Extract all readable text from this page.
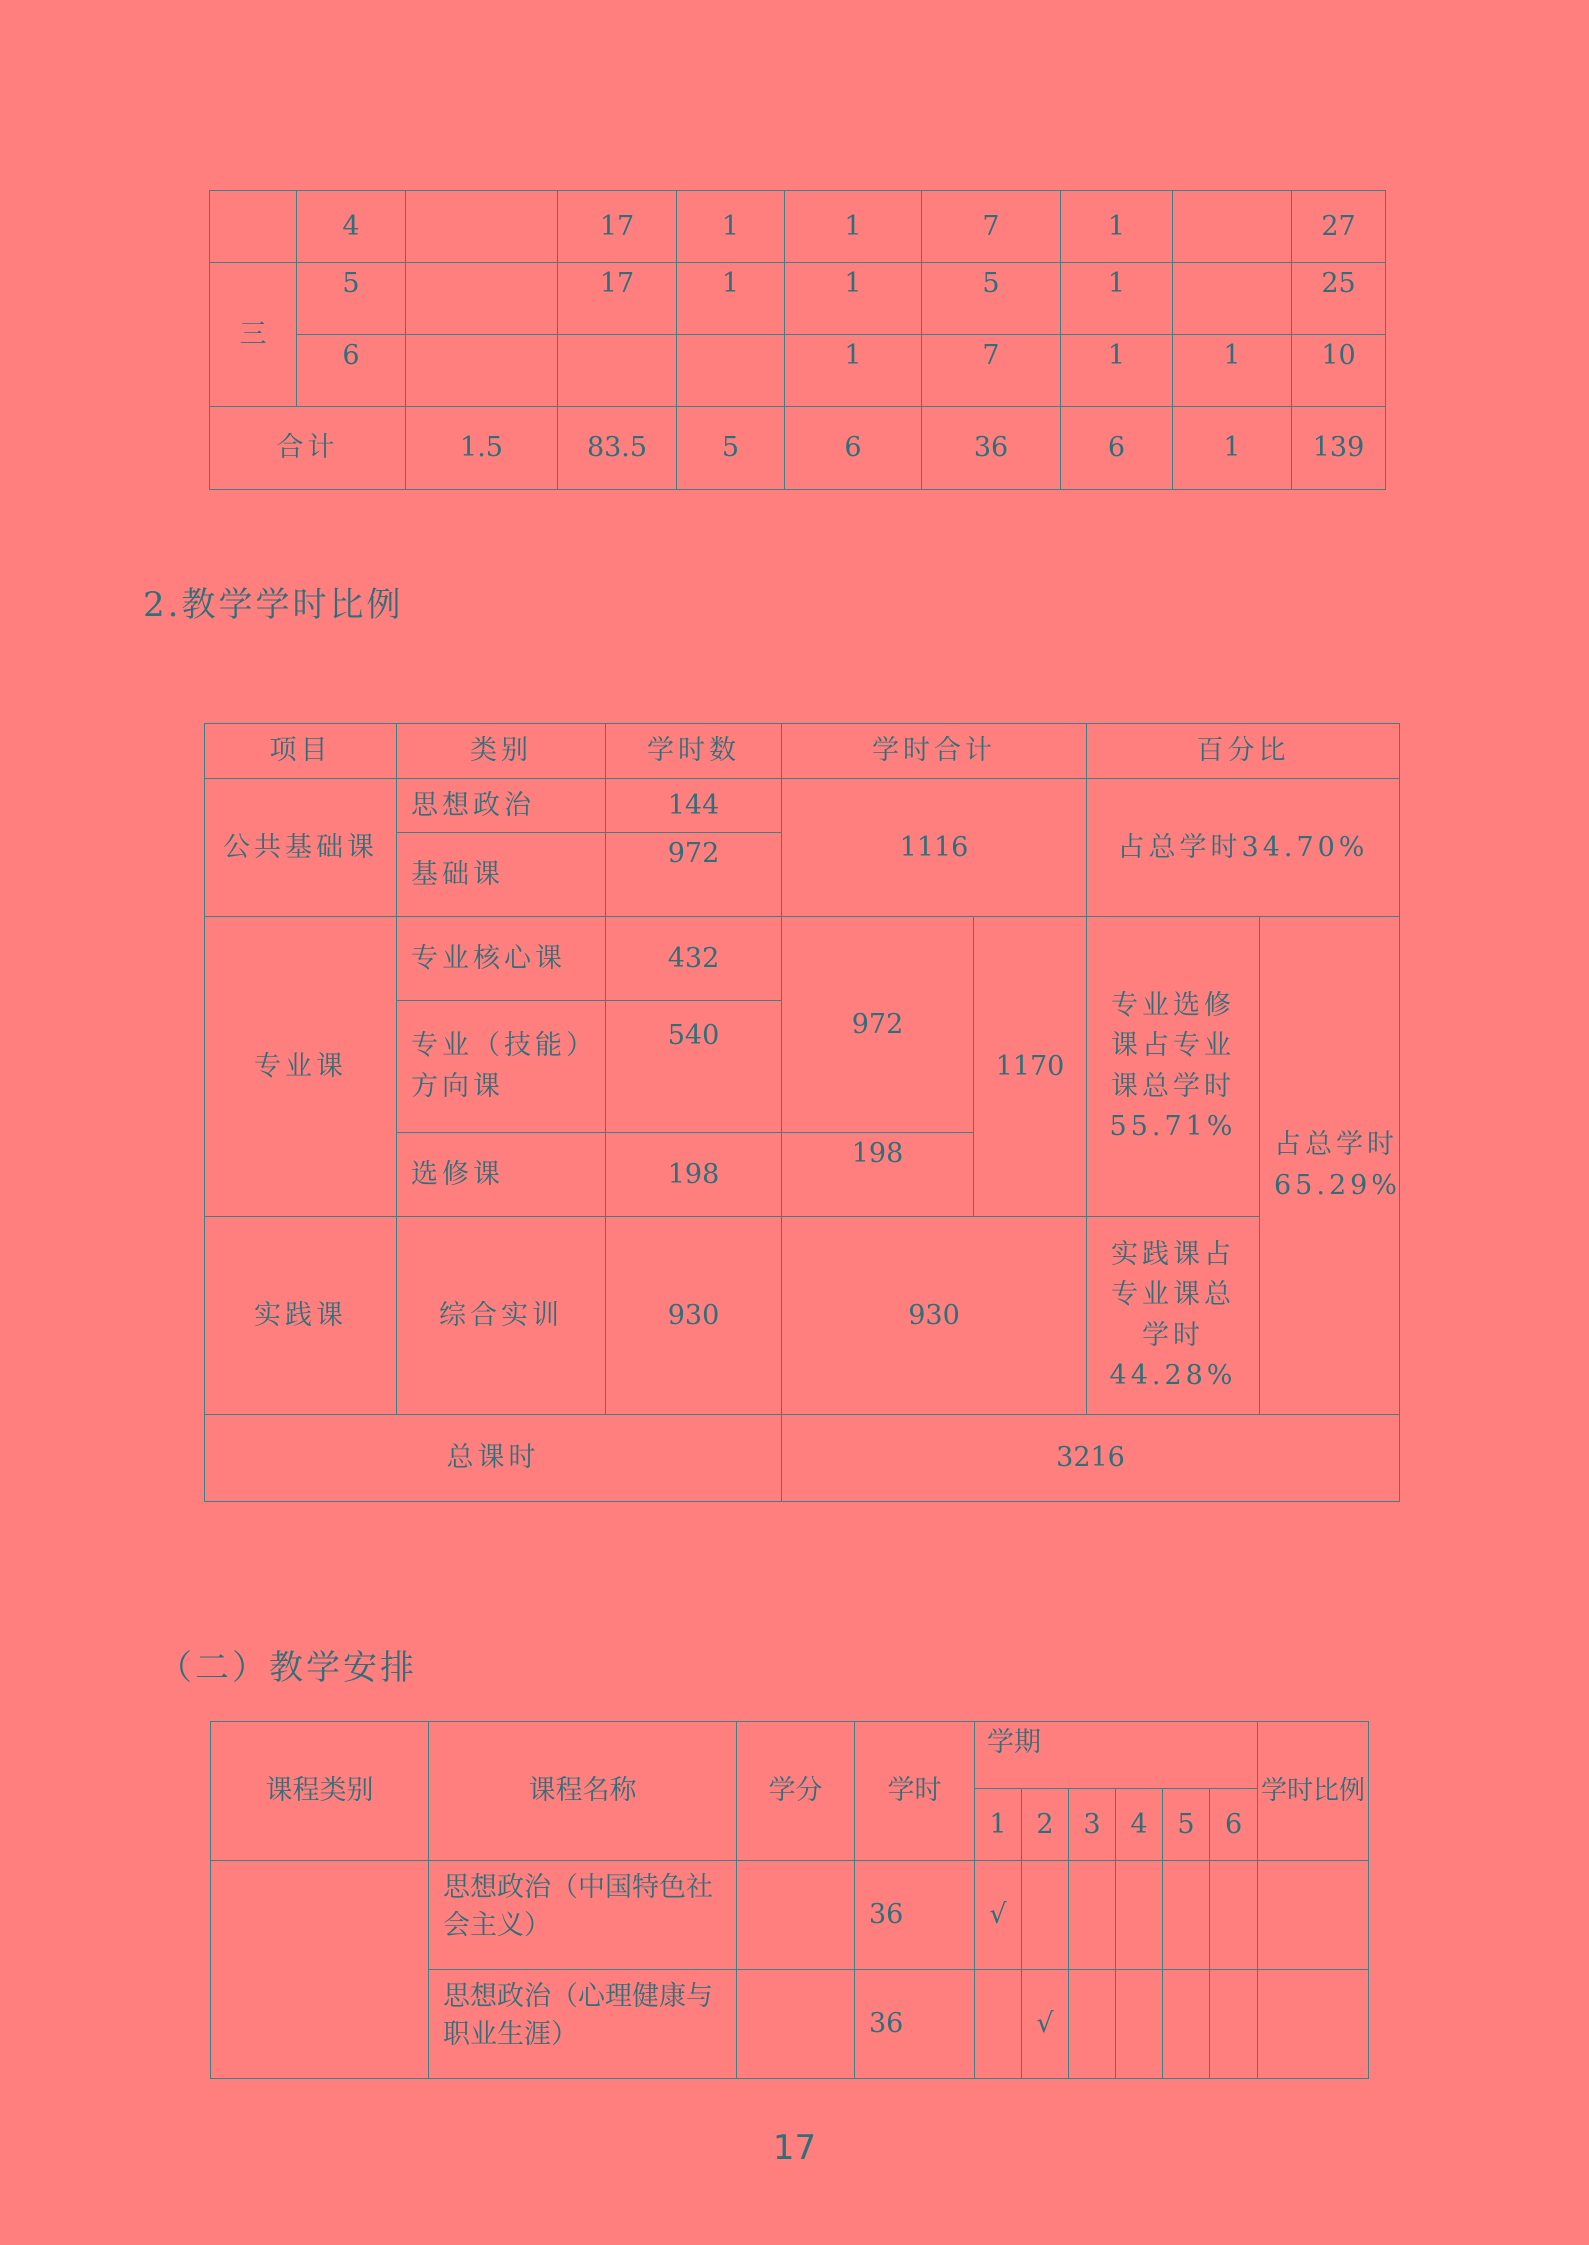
	4		17	1	1	7	1		27
三	5		17	1	1	5	1		25
	6				1	7	1	1	10
合计		1.5	83.5	5	6	36	6	1	139
2.教学学时比例
项目	类别	学时数	学时合计		百分比	
公共基础课	思想政治	144	1116		占总学时34.70%	
	基础课	972				
专业课	专业核心课	432	972	1170	专业选修课占专业课总学时55.71%	占总学时65.29%
	专业（技能）方向课	540				
	选修课	198	198			
实践课	综合实训	930	930		实践课占专业课总学时44.28%	
总课时			3216			
（二）教学安排
课程类别	课程名称	学分	学时	学期						学时比例
				1	2	3	4	5	6	
	思想政治（中国特色社会主义）		36	√						
	思想政治（心理健康与职业生涯）		36		√					
17
